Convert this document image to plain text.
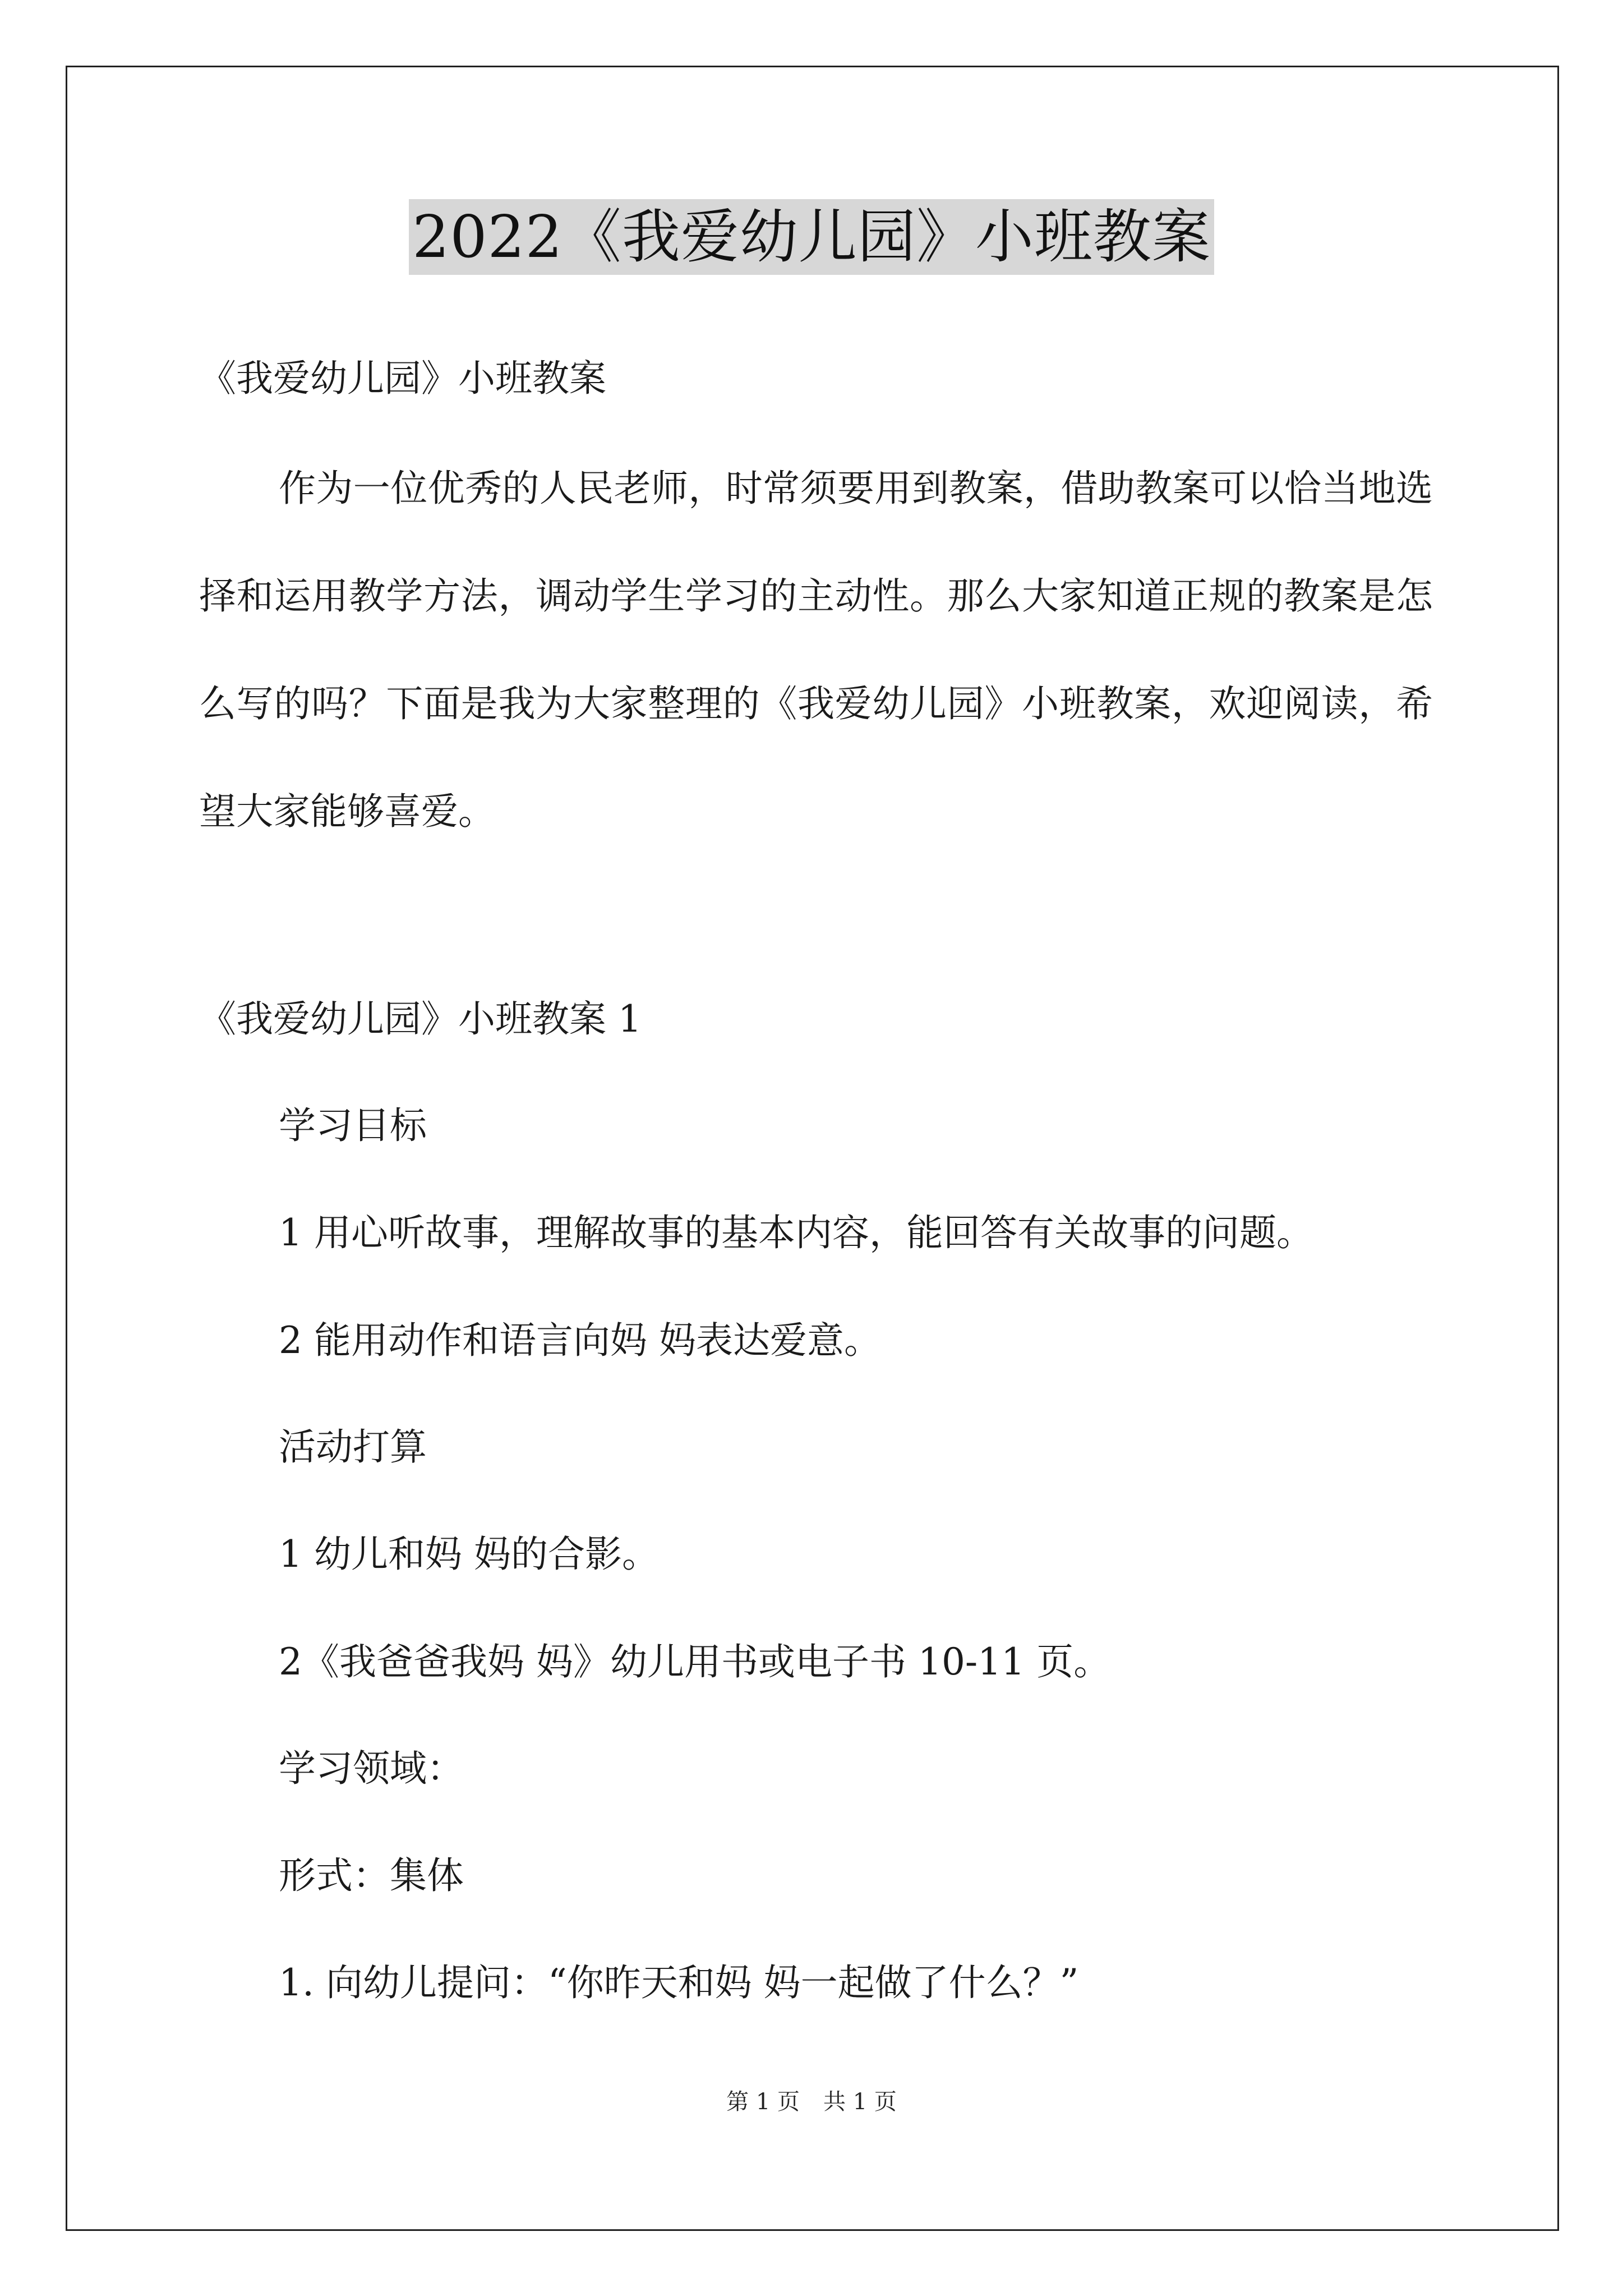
2022《我爱幼儿园》小班教案
《我爱幼儿园》小班教案
作为一位优秀的人民老师，时常须要用到教案，借助教案可以恰当地选择和运用教学方法，调动学生学习的主动性。那么大家知道正规的教案是怎么写的吗？下面是我为大家整理的《我爱幼儿园》小班教案，欢迎阅读，希望大家能够喜爱。
《我爱幼儿园》小班教案 1
学习目标
1 用心听故事，理解故事的基本内容，能回答有关故事的问题。
2 能用动作和语言向妈 妈表达爱意。
活动打算
1 幼儿和妈 妈的合影。
2《我爸爸我妈 妈》幼儿用书或电子书 10-11 页。
学习领域：
形式：集体
1. 向幼儿提问：“你昨天和妈 妈一起做了什么？”
第 1 页 共 1 页
